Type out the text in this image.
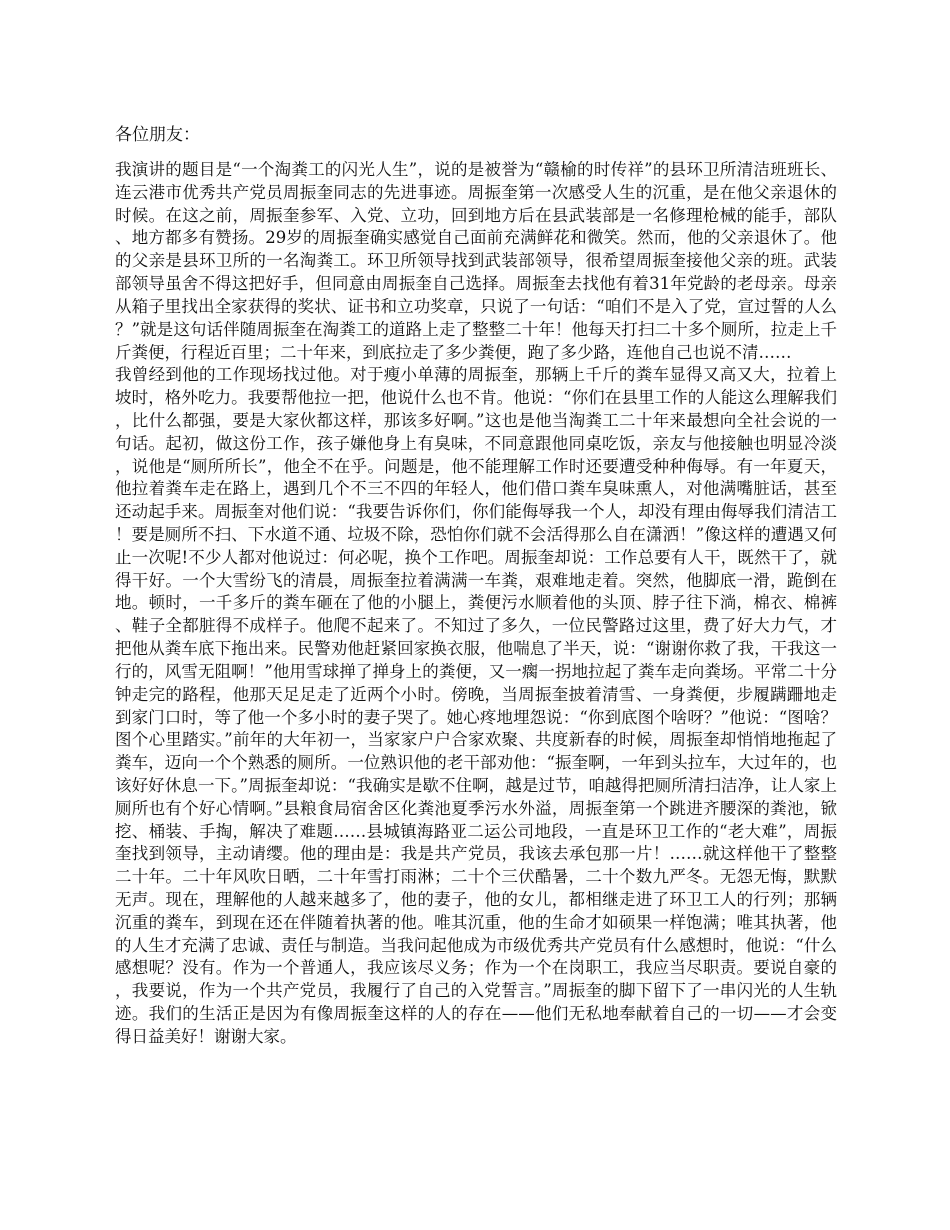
各位朋友：

我演讲的题目是“一个淘粪工的闪光人生”，说的是被誉为“赣榆的时传祥”的县环卫所清洁班班长、连云港市优秀共产党员周振奎同志的先进事迹。周振奎第一次感受人生的沉重，是在他父亲退休的时候。在这之前，周振奎参军、入党、立功，回到地方后在县武装部是一名修理枪械的能手，部队、地方都多有赞扬。29岁的周振奎确实感觉自己面前充满鲜花和微笑。然而，他的父亲退休了。他的父亲是县环卫所的一名淘粪工。环卫所领导找到武装部领导，很希望周振奎接他父亲的班。武装部领导虽舍不得这把好手，但同意由周振奎自己选择。周振奎去找他有着31年党龄的老母亲。母亲从箱子里找出全家获得的奖状、证书和立功奖章，只说了一句话：“咱们不是入了党，宣过誓的人么？”就是这句话伴随周振奎在淘粪工的道路上走了整整二十年！他每天打扫二十多个厕所，拉走上千斤粪便，行程近百里；二十年来，到底拉走了多少粪便，跑了多少路，连他自己也说不清……
我曾经到他的工作现场找过他。对于瘦小单薄的周振奎，那辆上千斤的粪车显得又高又大，拉着上坡时，格外吃力。我要帮他拉一把，他说什么也不肯。他说：“你们在县里工作的人能这么理解我们，比什么都强，要是大家伙都这样，那该多好啊。”这也是他当淘粪工二十年来最想向全社会说的一句话。起初，做这份工作，孩子嫌他身上有臭味，不同意跟他同桌吃饭，亲友与他接触也明显冷淡，说他是“厕所所长”，他全不在乎。问题是，他不能理解工作时还要遭受种种侮辱。有一年夏天，他拉着粪车走在路上，遇到几个不三不四的年轻人，他们借口粪车臭味熏人，对他满嘴脏话，甚至还动起手来。周振奎对他们说：“我要告诉你们，你们能侮辱我一个人，却没有理由侮辱我们清洁工！要是厕所不扫、下水道不通、垃圾不除，恐怕你们就不会活得那么自在潇洒！”像这样的遭遇又何止一次呢!不少人都对他说过：何必呢，换个工作吧。周振奎却说：工作总要有人干，既然干了，就得干好。一个大雪纷飞的清晨，周振奎拉着满满一车粪，艰难地走着。突然，他脚底一滑，跪倒在地。顿时，一千多斤的粪车砸在了他的小腿上，粪便污水顺着他的头顶、脖子往下淌，棉衣、棉裤、鞋子全都脏得不成样子。他爬不起来了。不知过了多久，一位民警路过这里，费了好大力气，才把他从粪车底下拖出来。民警劝他赶紧回家换衣服，他喘息了半天，说：“谢谢你救了我，干我这一行的，风雪无阻啊！”他用雪球掸了掸身上的粪便，又一瘸一拐地拉起了粪车走向粪场。平常二十分钟走完的路程，他那天足足走了近两个小时。傍晚，当周振奎披着清雪、一身粪便，步履蹒跚地走到家门口时，等了他一个多小时的妻子哭了。她心疼地埋怨说：“你到底图个啥呀？”他说：“图啥？图个心里踏实。”前年的大年初一，当家家户户合家欢聚、共度新春的时候，周振奎却悄悄地拖起了粪车，迈向一个个熟悉的厕所。一位熟识他的老干部劝他：“振奎啊，一年到头拉车，大过年的，也该好好休息一下。”周振奎却说：“我确实是歇不住啊，越是过节，咱越得把厕所清扫洁净，让人家上厕所也有个好心情啊。”县粮食局宿舍区化粪池夏季污水外溢，周振奎第一个跳进齐腰深的粪池，锨挖、桶装、手掏，解决了难题……县城镇海路亚二运公司地段，一直是环卫工作的“老大难”，周振奎找到领导，主动请缨。他的理由是：我是共产党员，我该去承包那一片！……就这样他干了整整二十年。二十年风吹日晒，二十年雪打雨淋；二十个三伏酷暑，二十个数九严冬。无怨无悔，默默无声。现在，理解他的人越来越多了，他的妻子，他的女儿，都相继走进了环卫工人的行列；那辆沉重的粪车，到现在还在伴随着执著的他。唯其沉重，他的生命才如硕果一样饱满；唯其执著，他的人生才充满了忠诚、责任与制造。当我问起他成为市级优秀共产党员有什么感想时，他说：“什么感想呢？没有。作为一个普通人，我应该尽义务；作为一个在岗职工，我应当尽职责。要说自豪的，我要说，作为一个共产党员，我履行了自己的入党誓言。”周振奎的脚下留下了一串闪光的人生轨迹。我们的生活正是因为有像周振奎这样的人的存在——他们无私地奉献着自己的一切——才会变得日益美好！谢谢大家。
